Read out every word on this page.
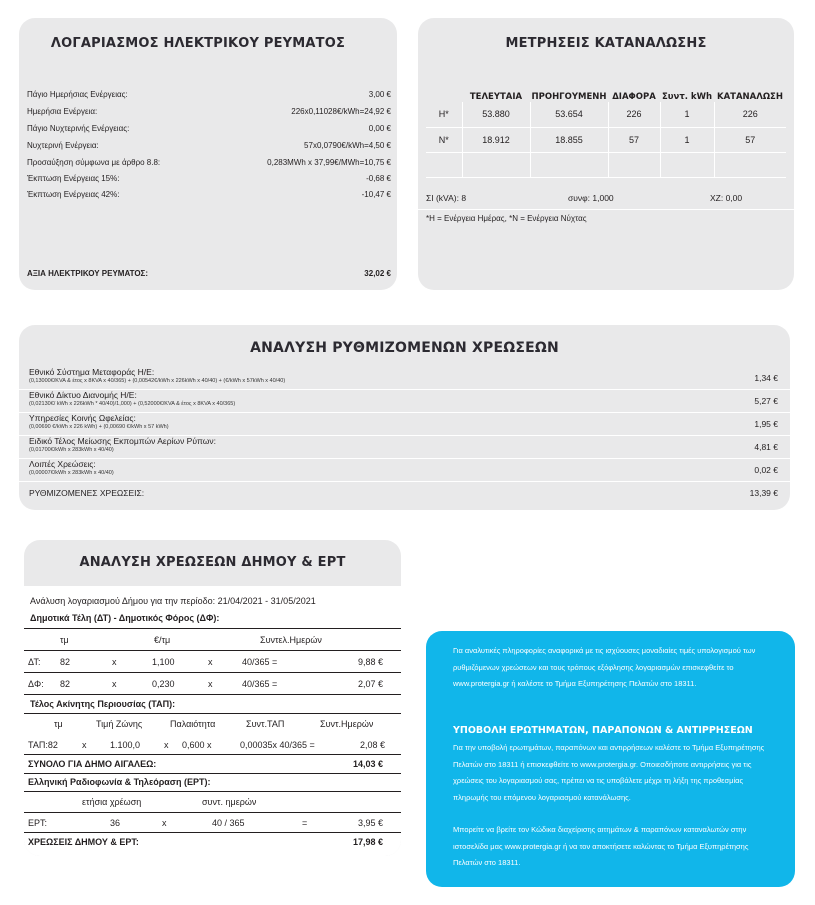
ΛΟΓΑΡΙΑΣΜΟΣ ΗΛΕΚΤΡΙΚΟΥ ΡΕΥΜΑΤΟΣ
Πάγιο Ημερήσιας Ενέργειας:	3,00 €
Ημερήσια Ενέργεια:	226x0,11028€/kWh=24,92 €
Πάγιο Νυχτερινής Ενέργειας:	0,00 €
Νυχτερινή Ενέργεια:	57x0,0790€/kWh=4,50 €
Προσαύξηση σύμφωνα με άρθρο 8.8:	0,283MWh x 37,99€/MWh=10,75 €
Έκπτωση Ενέργειας 15%:	-0,68 €
Έκπτωση Ενέργειας 42%:	-10,47 €
ΑΞΙΑ ΗΛΕΚΤΡΙΚΟΥ ΡΕΥΜΑΤΟΣ:	32,02 €
ΜΕΤΡΗΣΕΙΣ ΚΑΤΑΝΑΛΩΣΗΣ
	ΤΕΛΕΥΤΑΙΑ	ΠΡΟΗΓΟΥΜΕΝΗ	ΔΙΑΦΟΡΑ	Συντ. kWh	ΚΑΤΑΝΑΛΩΣΗ
Η*	53.880	53.654	226	1	226
Ν*	18.912	18.855	57	1	57

ΣΙ (kVA): 8	συνφ: 1,000	XZ: 0,00
*Η = Ενέργεια Ημέρας, *Ν = Ενέργεια Νύχτας
ΑΝΑΛΥΣΗ ΡΥΘΜΙΖΟΜΕΝΩΝ ΧΡΕΩΣΕΩΝ
Εθνικό Σύστημα Μεταφοράς Η/Ε:
(0,13000€/KVA & έτος x 8KVA x 40/365) + (0,00542€/kWh x 226kWh x 40/40) + (€/kWh x 57kWh x 40/40)	1,34 €
Εθνικό Δίκτυο Διανομής Η/Ε:
(0,02130€/ kWh x 226kWh * 40/40)/1,000) + (0,52000€/KVA & έτος x 8KVA x 40/365)	5,27 €
Υπηρεσίες Κοινής Ωφελείας:
(0,00690 €/kWh x 226 kWh) + (0,00690 €/kWh x 57 kWh)	1,95 €
Ειδικό Τέλος Μείωσης Εκπομπών Αερίων Ρύπων:
(0,01700€/kWh x 283kWh x 40/40)	4,81 €
Λοιπές Χρεώσεις:
(0,00007€/kWh x 283kWh x 40/40)	0,02 €
ΡΥΘΜΙΖΟΜΕΝΕΣ ΧΡΕΩΣΕΙΣ:	13,39 €
ΑΝΑΛΥΣΗ ΧΡΕΩΣΕΩΝ ΔΗΜΟΥ & ΕΡΤ
Ανάλυση λογαριασμού Δήμου για την περίοδο: 21/04/2021 - 31/05/2021
Δημοτικά Τέλη (ΔΤ) - Δημοτικός Φόρος (ΔΦ):
τμ	€/τμ	Συντελ.Ημερών
ΔΤ: 82	x	1,100	x	40/365 =	9,88 €
ΔΦ: 82	x	0,230	x	40/365 =	2,07 €
Τέλος Ακίνητης Περιουσίας (ΤΑΠ):
τμ	Τιμή Ζώνης	Παλαιότητα	Συντ.ΤΑΠ	Συντ.Ημερών
ΤΑΠ:82	x	1.100,0	x 0,600 x	0,00035x 40/365 =	2,08 €
ΣΥΝΟΛΟ ΓΙΑ ΔΗΜΟ ΑΙΓΑΛΕΩ:	14,03 €
Ελληνική Ραδιοφωνία & Τηλεόραση (ΕΡΤ):
ετήσια χρέωση	συντ. ημερών
ΕΡΤ:	36	x	40 / 365	=	3,95 €
ΧΡΕΩΣΕΙΣ ΔΗΜΟΥ & ΕΡΤ:	17,98 €
Για αναλυτικές πληροφορίες αναφορικά με τις ισχύουσες μοναδιαίες τιμές υπολογισμού των ρυθμιζόμενων χρεώσεων και τους τρόπους εξόφλησης λογαριασμών επισκεφθείτε το www.protergia.gr ή καλέστε το Τμήμα Εξυπηρέτησης Πελατών στο 18311.
ΥΠΟΒΟΛΗ ΕΡΩΤΗΜΑΤΩΝ, ΠΑΡΑΠΟΝΩΝ & ΑΝΤΙΡΡΗΣΕΩΝ
Για την υποβολή ερωτημάτων, παραπόνων και αντιρρήσεων καλέστε το Τμήμα Εξυπηρέτησης Πελατών στο 18311 ή επισκεφθείτε το www.protergia.gr. Οποιεσδήποτε αντιρρήσεις για τις χρεώσεις του λογαριασμού σας, πρέπει να τις υποβάλετε μέχρι τη λήξη της προθεσμίας πληρωμής του επόμενου λογαριασμού κατανάλωσης.
Μπορείτε να βρείτε τον Κώδικα διαχείρισης αιτημάτων & παραπόνων καταναλωτών στην ιστοσελίδα μας www.protergia.gr ή να τον αποκτήσετε καλώντας το Τμήμα Εξυπηρέτησης Πελατών στο 18311.
